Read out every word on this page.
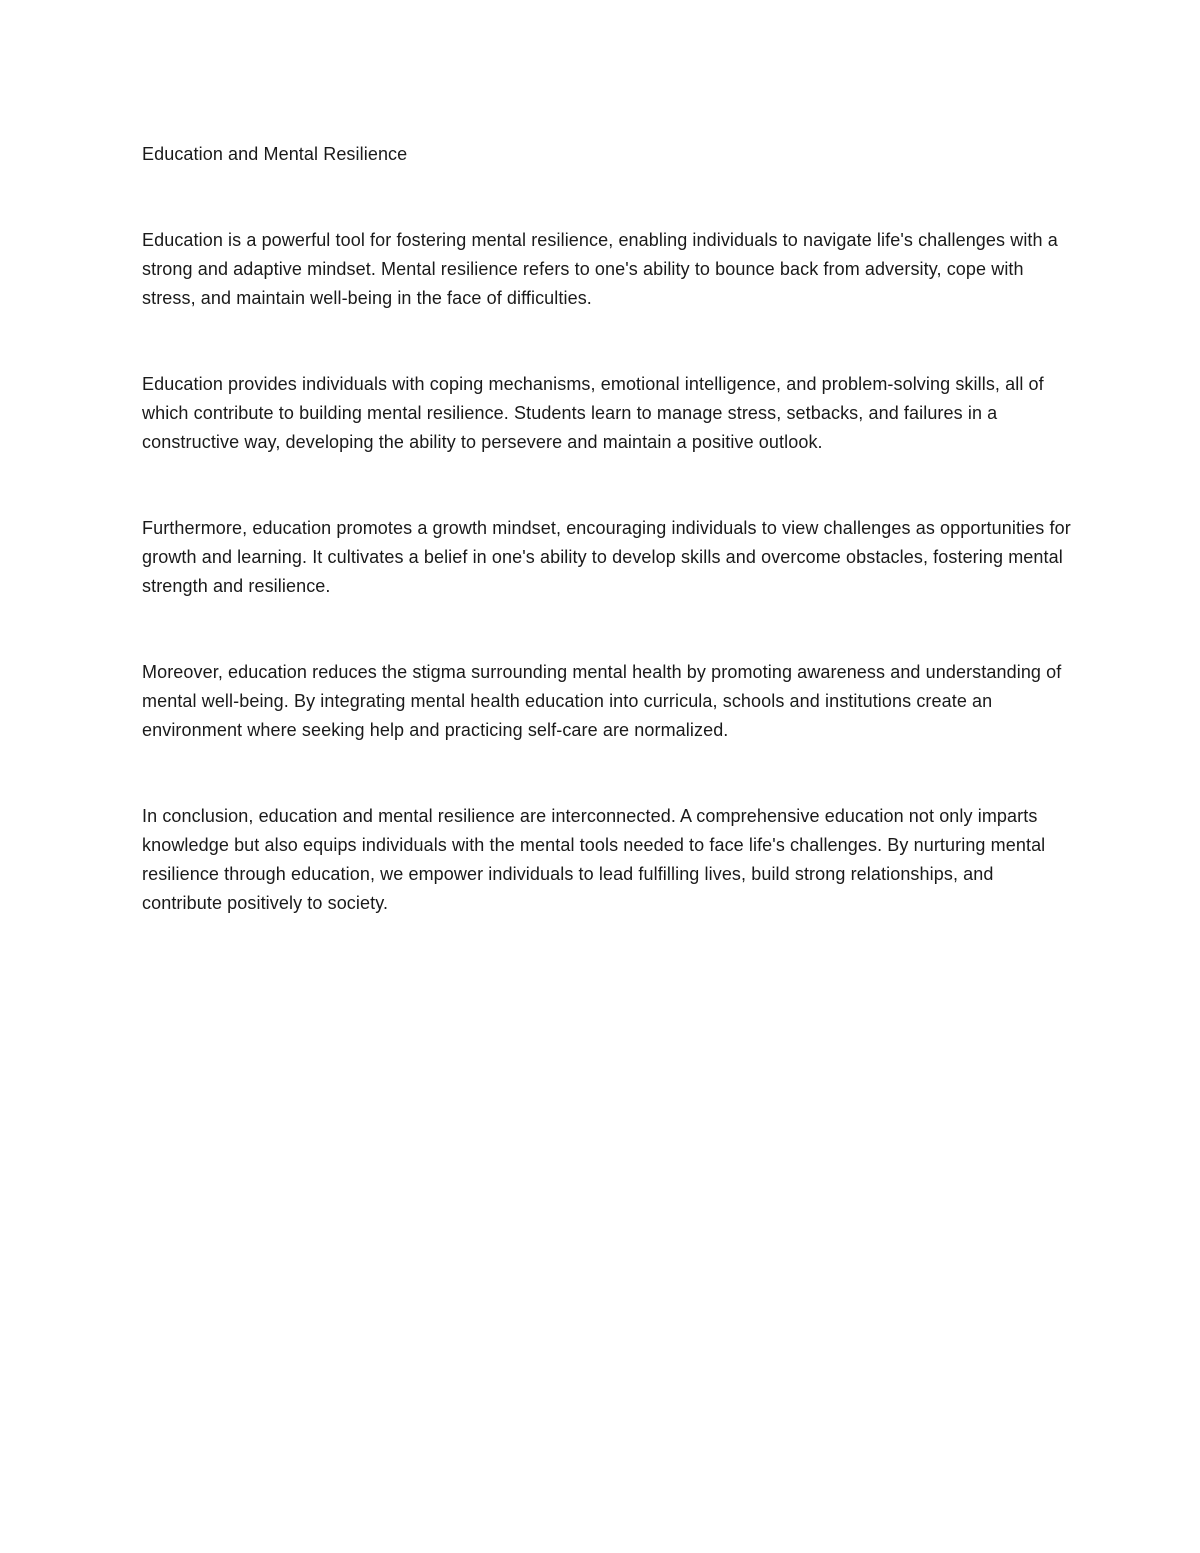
Education and Mental Resilience

Education is a powerful tool for fostering mental resilience, enabling individuals to navigate life's challenges with a strong and adaptive mindset. Mental resilience refers to one's ability to bounce back from adversity, cope with stress, and maintain well-being in the face of difficulties.

Education provides individuals with coping mechanisms, emotional intelligence, and problem-solving skills, all of which contribute to building mental resilience. Students learn to manage stress, setbacks, and failures in a constructive way, developing the ability to persevere and maintain a positive outlook.

Furthermore, education promotes a growth mindset, encouraging individuals to view challenges as opportunities for growth and learning. It cultivates a belief in one's ability to develop skills and overcome obstacles, fostering mental strength and resilience.

Moreover, education reduces the stigma surrounding mental health by promoting awareness and understanding of mental well-being. By integrating mental health education into curricula, schools and institutions create an environment where seeking help and practicing self-care are normalized.

In conclusion, education and mental resilience are interconnected. A comprehensive education not only imparts knowledge but also equips individuals with the mental tools needed to face life's challenges. By nurturing mental resilience through education, we empower individuals to lead fulfilling lives, build strong relationships, and contribute positively to society.
